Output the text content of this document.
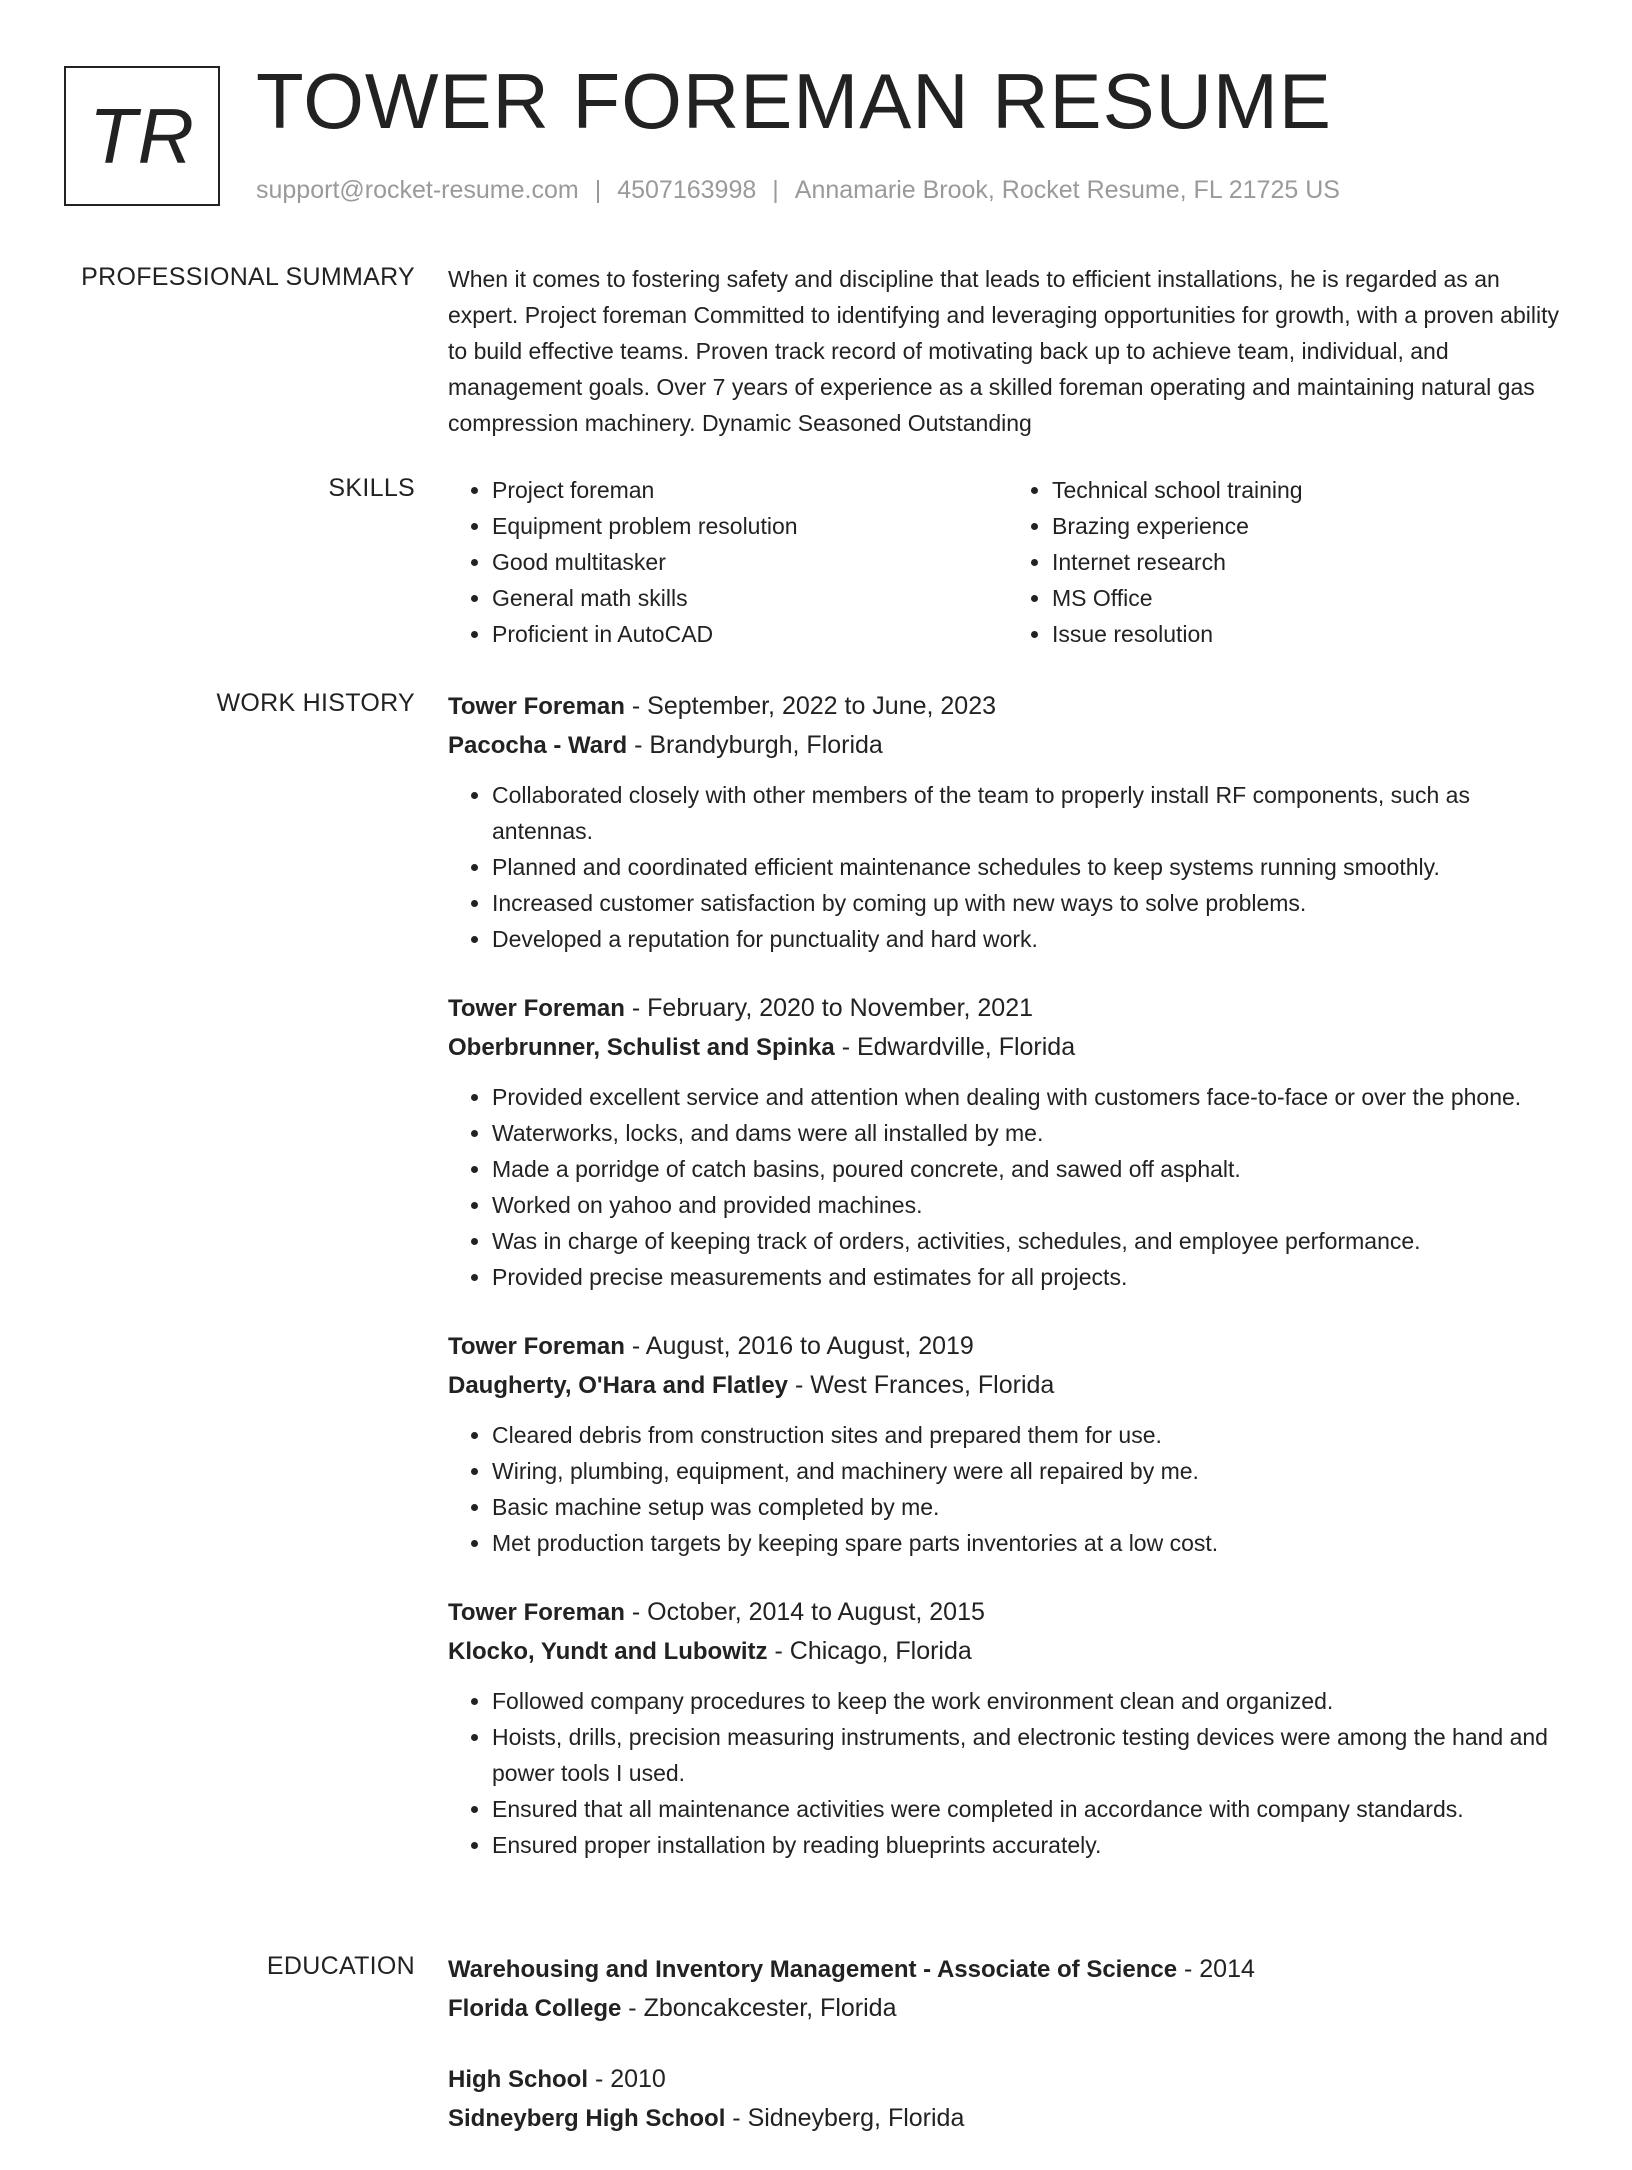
TR TOWER FOREMAN RESUME
support@rocket-resume.com | 4507163998 | Annamarie Brook, Rocket Resume, FL 21725 US
PROFESSIONAL SUMMARY When it comes to fostering safety and discipline that leads to efficient installations, he is regarded as an expert. Project foreman Committed to identifying and leveraging opportunities for growth, with a proven ability to build effective teams. Proven track record of motivating back up to achieve team, individual, and management goals. Over 7 years of experience as a skilled foreman operating and maintaining natural gas compression machinery. Dynamic Seasoned Outstanding

SKILLS
•	Project foreman
• Equipment problem resolution
• Good multitasker
• General math skills
• Proficient in AutoCAD
• Technical school training
• Brazing experience
• Internet research
• MS Office
• Issue resolution
WORK HISTORY Tower Foreman - September, 2022 to June, 2023
Pacocha - Ward - Brandyburgh, Florida
• Collaborated closely with other members of the team to properly install RF components, such as antennas.
• Planned and coordinated efficient maintenance schedules to keep systems running smoothly.
• Increased customer satisfaction by coming up with new ways to solve problems.
• Developed a reputation for punctuality and hard work.
Tower Foreman - February, 2020 to November, 2021
Oberbrunner, Schulist and Spinka - Edwardville, Florida
• Provided excellent service and attention when dealing with customers face-to-face or over the phone.
• Waterworks, locks, and dams were all installed by me.
• Made a porridge of catch basins, poured concrete, and sawed off asphalt.
• Worked on yahoo and provided machines.
• Was in charge of keeping track of orders, activities, schedules, and employee performance.
• Provided precise measurements and estimates for all projects.
Tower Foreman - August, 2016 to August, 2019
Daugherty, O'Hara and Flatley - West Frances, Florida
• Cleared debris from construction sites and prepared them for use.
• Wiring, plumbing, equipment, and machinery were all repaired by me.
• Basic machine setup was completed by me.
• Met production targets by keeping spare parts inventories at a low cost.
Tower Foreman - October, 2014 to August, 2015
Klocko, Yundt and Lubowitz - Chicago, Florida
• Followed company procedures to keep the work environment clean and organized.
• Hoists, drills, precision measuring instruments, and electronic testing devices were among the hand and power tools I used.
• Ensured that all maintenance activities were completed in accordance with company standards.
• Ensured proper installation by reading blueprints accurately.
EDUCATION Warehousing and Inventory Management - Associate of Science - 2014
Florida College - Zboncakcester, Florida
High School - 2010
Sidneyberg High School - Sidneyberg, Florida
